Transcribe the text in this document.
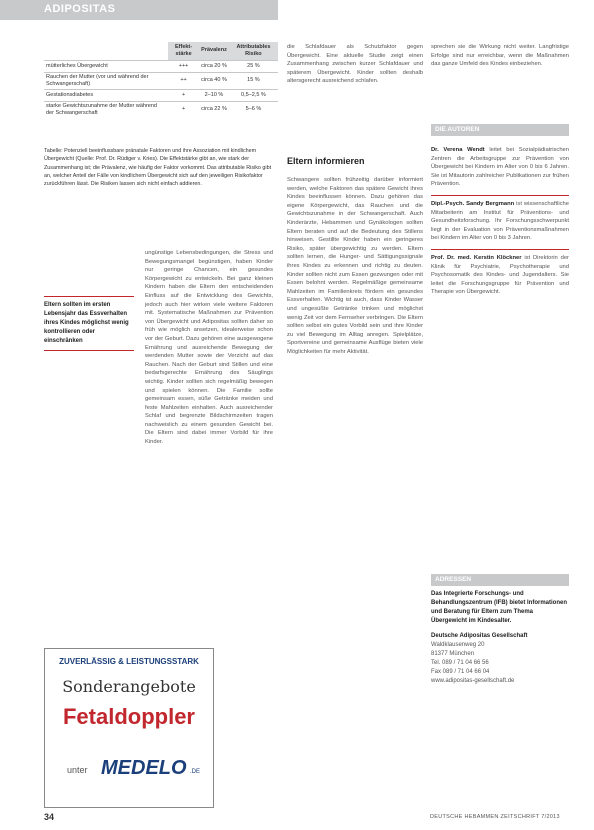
ADIPOSITAS
	Effekt-stärke	Prävalenz	Attributables Risiko
mütterliches Übergewicht	+++	circa 20 %	25 %
Rauchen der Mutter (vor und während der Schwangerschaft)	++	circa 40 %	15 %
Gestationsdiabetes	+	2–10 %	0,5–2,5 %
starke Gewichtszunahme der Mutter während der Schwangerschaft	+	circa 22 %	5–6 %
Tabelle: Potenziell beeinflussbare pränatale Faktoren und ihre Assoziation mit kindlichem Übergewicht (Quelle: Prof. Dr. Rüdiger v. Kries). Die Effektstärke gibt an, wie stark der Zusammenhang ist; die Prävalenz, wie häufig der Faktor vorkommt. Das attributable Risiko gibt an, welcher Anteil der Fälle von kindlichem Übergewicht sich auf den jeweiligen Risikofaktor zurückführen lässt. Die Risiken lassen sich nicht einfach addieren.
Eltern sollten im ersten Lebensjahr das Essverhalten ihres Kindes möglichst wenig kontrollieren oder einschränken
ungünstige Lebensbedingungen, die Stress und Bewegungsmangel begünstigen, haben Kinder nur geringe Chancen, ein gesundes Körpergewicht zu entwickeln. Bei ganz kleinen Kindern haben die Eltern den entscheidenden Einfluss auf die Entwicklung des Gewichts, jedoch auch hier wirken viele weitere Faktoren mit. Systematische Maßnahmen zur Prävention von Übergewicht und Adipositas sollten daher so früh wie möglich ansetzen, idealerweise schon vor der Geburt. Dazu gehören eine ausgewogene Ernährung und ausreichende Bewegung der werdenden Mutter sowie der Verzicht auf das Rauchen. Nach der Geburt sind Stillen und eine bedarfsgerechte Ernährung des Säuglings wichtig. Kinder sollten sich regelmäßig bewegen und spielen können. Die Familie sollte gemeinsam essen, süße Getränke meiden und feste Mahlzeiten einhalten. Auch ausreichender Schlaf und begrenzte Bildschirmzeiten tragen nachweislich zu einem gesunden Gewicht bei. Die Eltern sind dabei immer Vorbild für ihre Kinder.
die Schlafdauer als Schutzfaktor gegen Übergewicht. Eine aktuelle Studie zeigt einen Zusammenhang zwischen kurzer Schlafdauer und späterem Übergewicht. Kinder sollten deshalb altersgerecht ausreichend schlafen.
Eltern informieren
Schwangere sollten frühzeitig darüber informiert werden, welche Faktoren das spätere Gewicht ihres Kindes beeinflussen können. Dazu gehören das eigene Körpergewicht, das Rauchen und die Gewichtszunahme in der Schwangerschaft. Auch Kinderärzte, Hebammen und Gynäkologen sollten Eltern beraten und auf die Bedeutung des Stillens hinweisen. Gestillte Kinder haben ein geringeres Risiko, später übergewichtig zu werden. Eltern sollten lernen, die Hunger- und Sättigungssignale ihres Kindes zu erkennen und richtig zu deuten. Kinder sollten nicht zum Essen gezwungen oder mit Essen belohnt werden. Regelmäßige gemeinsame Mahlzeiten im Familienkreis fördern ein gesundes Essverhalten. Wichtig ist auch, dass Kinder Wasser und ungesüßte Getränke trinken und möglichst wenig Zeit vor dem Fernseher verbringen. Die Eltern sollten selbst ein gutes Vorbild sein und ihre Kinder zu viel Bewegung im Alltag anregen. Spielplätze, Sportvereine und gemeinsame Ausflüge bieten viele Möglichkeiten für mehr Aktivität.
sprechen sie die Wirkung nicht weiter. Langfristige Erfolge sind nur erreichbar, wenn die Maßnahmen das ganze Umfeld des Kindes einbeziehen.
DIE AUTOREN

Dr. Verena Wendt leitet bei Sozialpädiatrischen Zentren die Arbeitsgruppe zur Prävention von Übergewicht bei Kindern im Alter von 0 bis 6 Jahren. Sie ist Mitautorin zahlreicher Publikationen zur frühen Prävention.

Dipl.-Psych. Sandy Bergmann ist wissenschaftliche Mitarbeiterin am Institut für Präventions- und Gesundheitsforschung. Ihr Forschungsschwerpunkt liegt in der Evaluation von Präventionsmaßnahmen bei Kindern im Alter von 0 bis 3 Jahren.

Prof. Dr. med. Kerstin Klöckner ist Direktorin der Klinik für Psychiatrie, Psychotherapie und Psychosomatik des Kindes- und Jugendalters. Sie leitet die Forschungsgruppe für Prävention und Therapie von Übergewicht.

ADRESSEN

Das Integrierte Forschungs- und Behandlungszentrum (IFB) bietet Informationen und Beratung für Eltern zum Thema Übergewicht im Kindesalter.

Deutsche Adipositas Gesellschaft

Waldklausenweg 20

81377 München

Tel. 089 / 71 04 66 56

Fax 089 / 71 04 66 04

www.adipositas-gesellschaft.de

ZUVERLÄSSIG & LEISTUNGSSTARK
Sonderangebote
Fetaldoppler
unter MEDELO .DE
34	DEUTSCHE HEBAMMEN ZEITSCHRIFT 7/2013
